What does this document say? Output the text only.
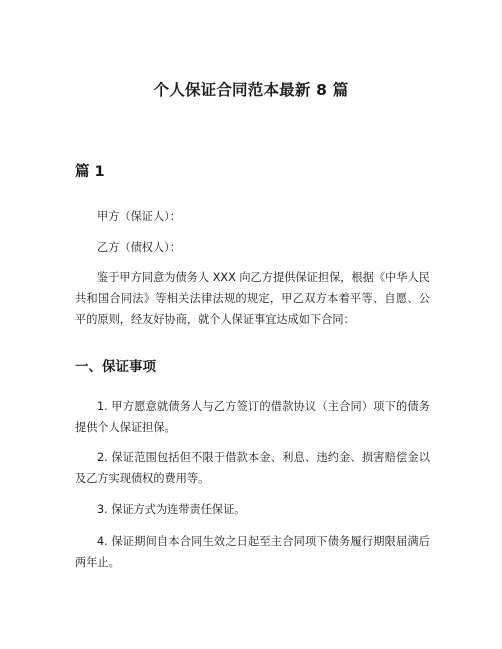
个人保证合同范本最新 8 篇
篇 1

甲方（保证人）：

乙方（债权人）：

鉴于甲方同意为债务人 XXX 向乙方提供保证担保，根据《中华人民共和国合同法》等相关法律法规的规定，甲乙双方本着平等、自愿、公平的原则，经友好协商，就个人保证事宜达成如下合同：

一、保证事项

1. 甲方愿意就债务人与乙方签订的借款协议（主合同）项下的债务提供个人保证担保。

2. 保证范围包括但不限于借款本金、利息、违约金、损害赔偿金以及乙方实现债权的费用等。

3. 保证方式为连带责任保证。

4. 保证期间自本合同生效之日起至主合同项下债务履行期限届满后两年止。
